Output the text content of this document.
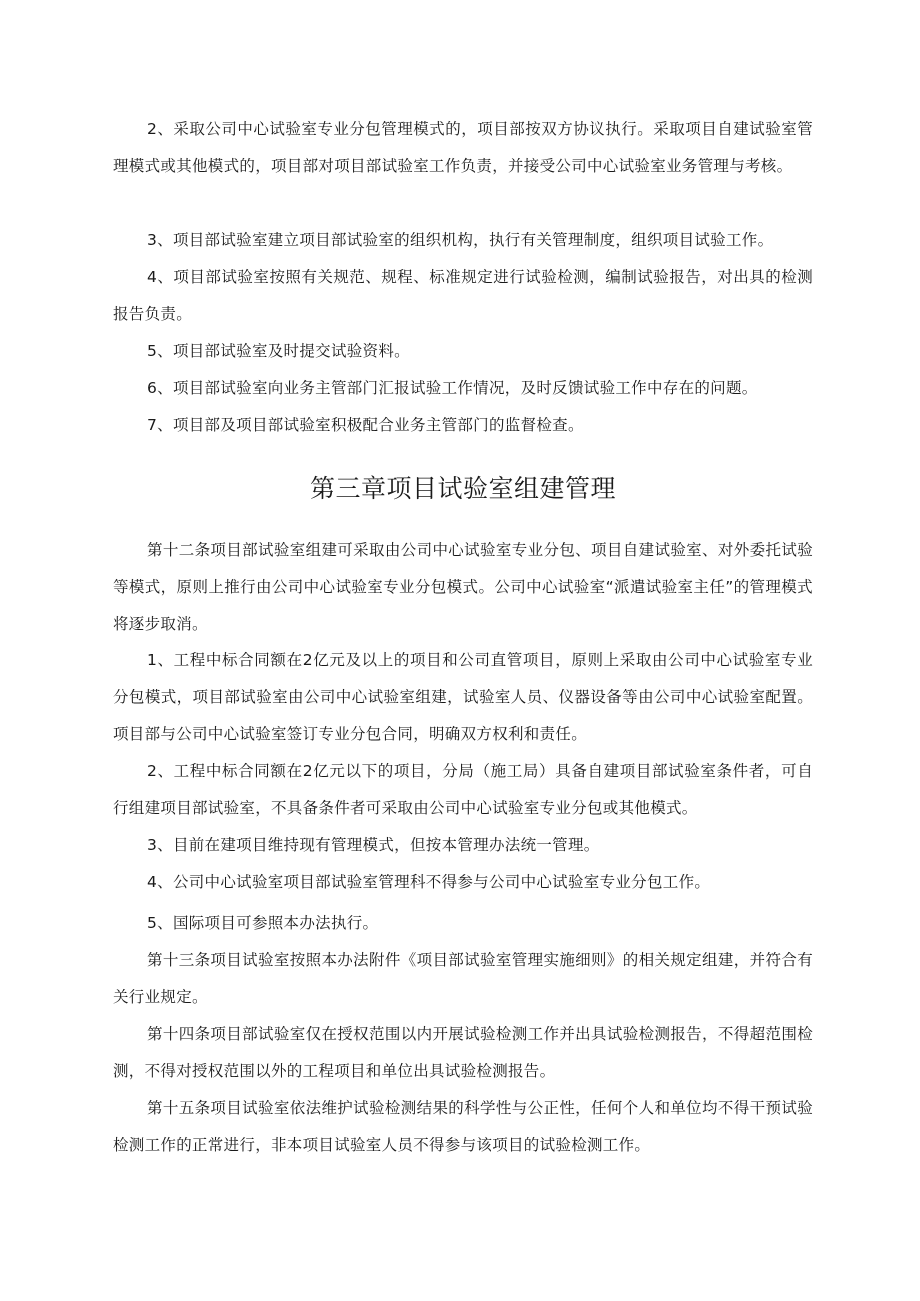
2、采取公司中心试验室专业分包管理模式的，项目部按双方协议执行。采取项目自建试验室管理模式或其他模式的，项目部对项目部试验室工作负责，并接受公司中心试验室业务管理与考核。

3、项目部试验室建立项目部试验室的组织机构，执行有关管理制度，组织项目试验工作。

4、项目部试验室按照有关规范、规程、标准规定进行试验检测，编制试验报告，对出具的检测报告负责。

5、项目部试验室及时提交试验资料。

6、项目部试验室向业务主管部门汇报试验工作情况，及时反馈试验工作中存在的问题。

7、项目部及项目部试验室积极配合业务主管部门的监督检查。

第三章项目试验室组建管理

第十二条项目部试验室组建可采取由公司中心试验室专业分包、项目自建试验室、对外委托试验等模式，原则上推行由公司中心试验室专业分包模式。公司中心试验室“派遣试验室主任”的管理模式将逐步取消。

1、工程中标合同额在2亿元及以上的项目和公司直管项目，原则上采取由公司中心试验室专业分包模式，项目部试验室由公司中心试验室组建，试验室人员、仪器设备等由公司中心试验室配置。项目部与公司中心试验室签订专业分包合同，明确双方权利和责任。

2、工程中标合同额在2亿元以下的项目，分局（施工局）具备自建项目部试验室条件者，可自行组建项目部试验室，不具备条件者可采取由公司中心试验室专业分包或其他模式。

3、目前在建项目维持现有管理模式，但按本管理办法统一管理。

4、公司中心试验室项目部试验室管理科不得参与公司中心试验室专业分包工作。

5、国际项目可参照本办法执行。

第十三条项目试验室按照本办法附件《项目部试验室管理实施细则》的相关规定组建，并符合有关行业规定。

第十四条项目部试验室仅在授权范围以内开展试验检测工作并出具试验检测报告，不得超范围检测，不得对授权范围以外的工程项目和单位出具试验检测报告。

第十五条项目试验室依法维护试验检测结果的科学性与公正性，任何个人和单位均不得干预试验检测工作的正常进行，非本项目试验室人员不得参与该项目的试验检测工作。
